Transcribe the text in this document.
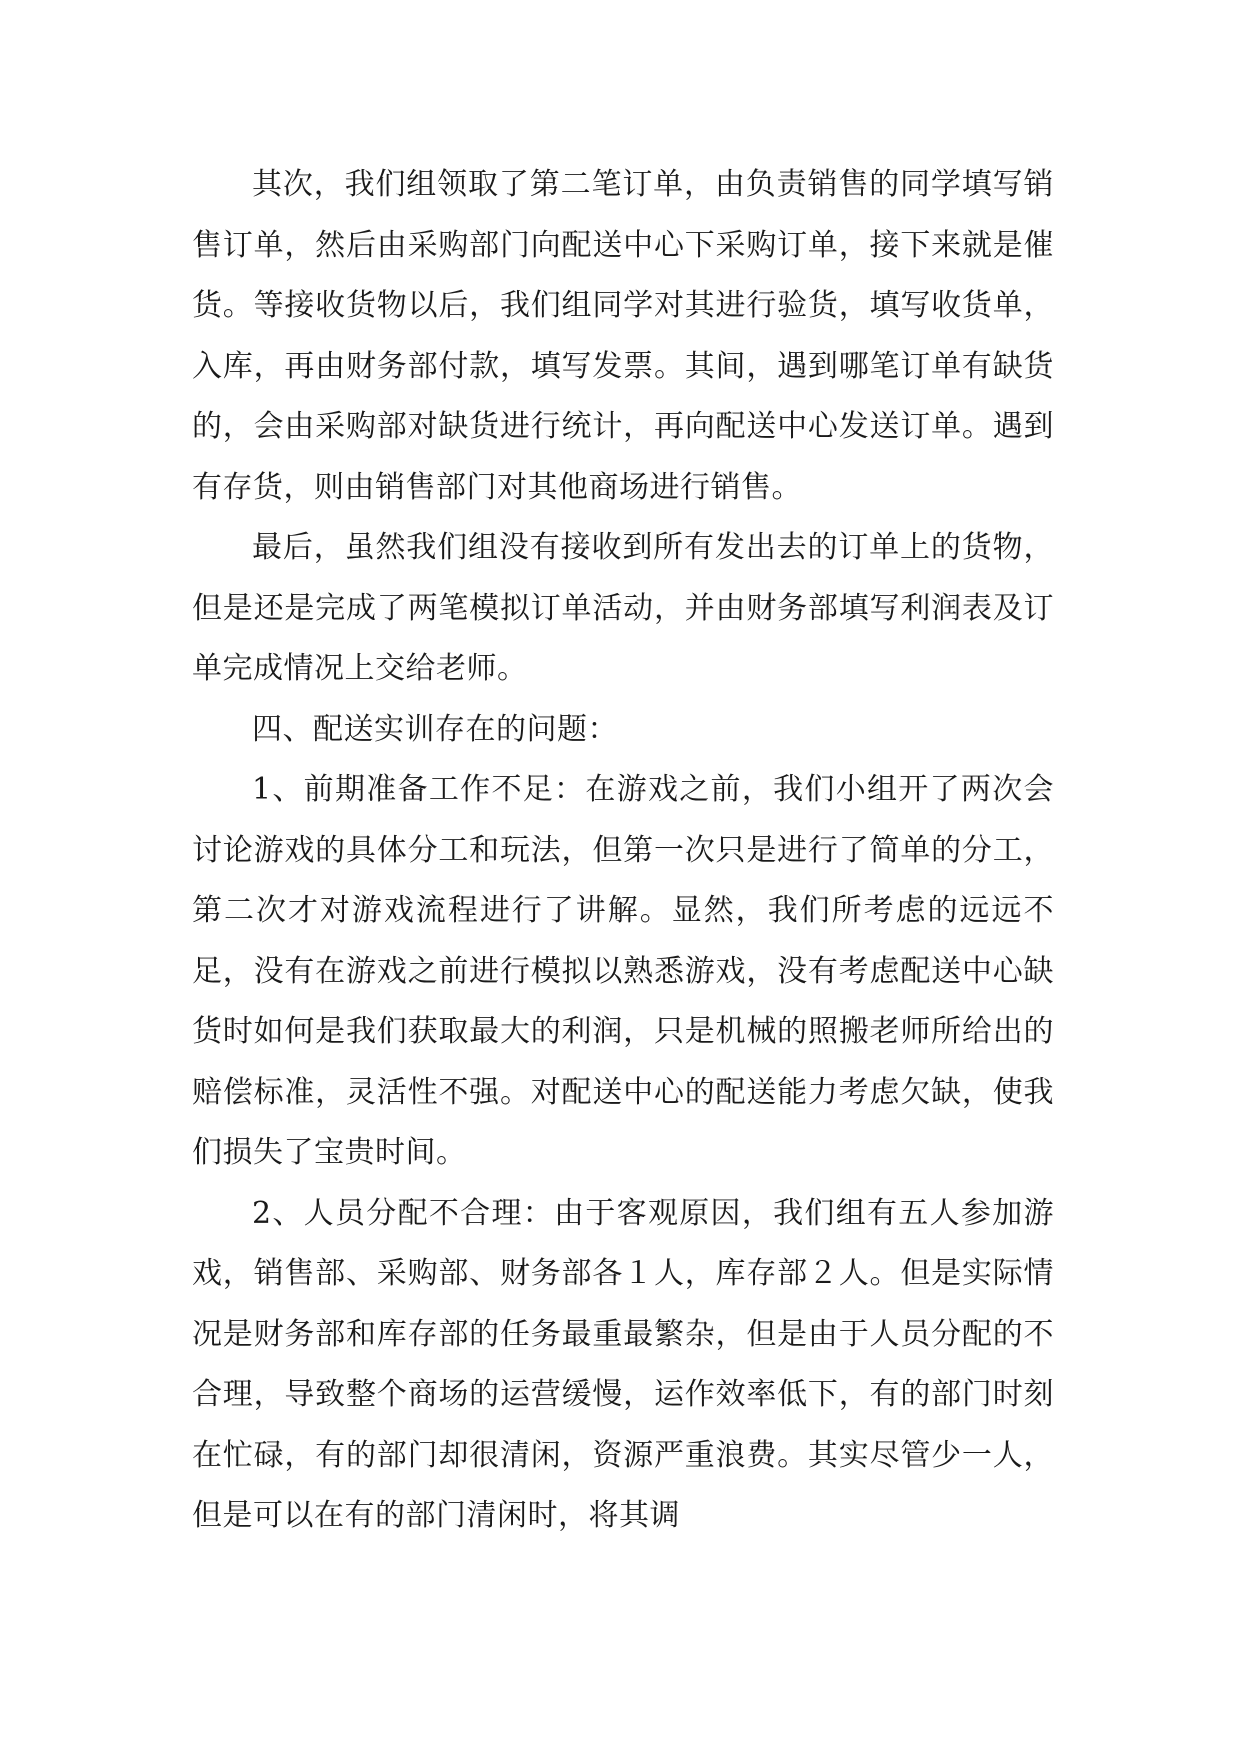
其次，我们组领取了第二笔订单，由负责销售的同学填写销售订单，然后由采购部门向配送中心下采购订单，接下来就是催货。等接收货物以后，我们组同学对其进行验货，填写收货单，入库，再由财务部付款，填写发票。其间，遇到哪笔订单有缺货的，会由采购部对缺货进行统计，再向配送中心发送订单。遇到有存货，则由销售部门对其他商场进行销售。

最后，虽然我们组没有接收到所有发出去的订单上的货物，但是还是完成了两笔模拟订单活动，并由财务部填写利润表及订单完成情况上交给老师。

四、配送实训存在的问题：

1、前期准备工作不足：在游戏之前，我们小组开了两次会讨论游戏的具体分工和玩法，但第一次只是进行了简单的分工，第二次才对游戏流程进行了讲解。显然，我们所考虑的远远不足，没有在游戏之前进行模拟以熟悉游戏，没有考虑配送中心缺货时如何是我们获取最大的利润，只是机械的照搬老师所给出的赔偿标准，灵活性不强。对配送中心的配送能力考虑欠缺，使我们损失了宝贵时间。

2、人员分配不合理：由于客观原因，我们组有五人参加游戏，销售部、采购部、财务部各１人，库存部２人。但是实际情况是财务部和库存部的任务最重最繁杂，但是由于人员分配的不合理，导致整个商场的运营缓慢，运作效率低下，有的部门时刻在忙碌，有的部门却很清闲，资源严重浪费。其实尽管少一人，但是可以在有的部门清闲时，将其调
